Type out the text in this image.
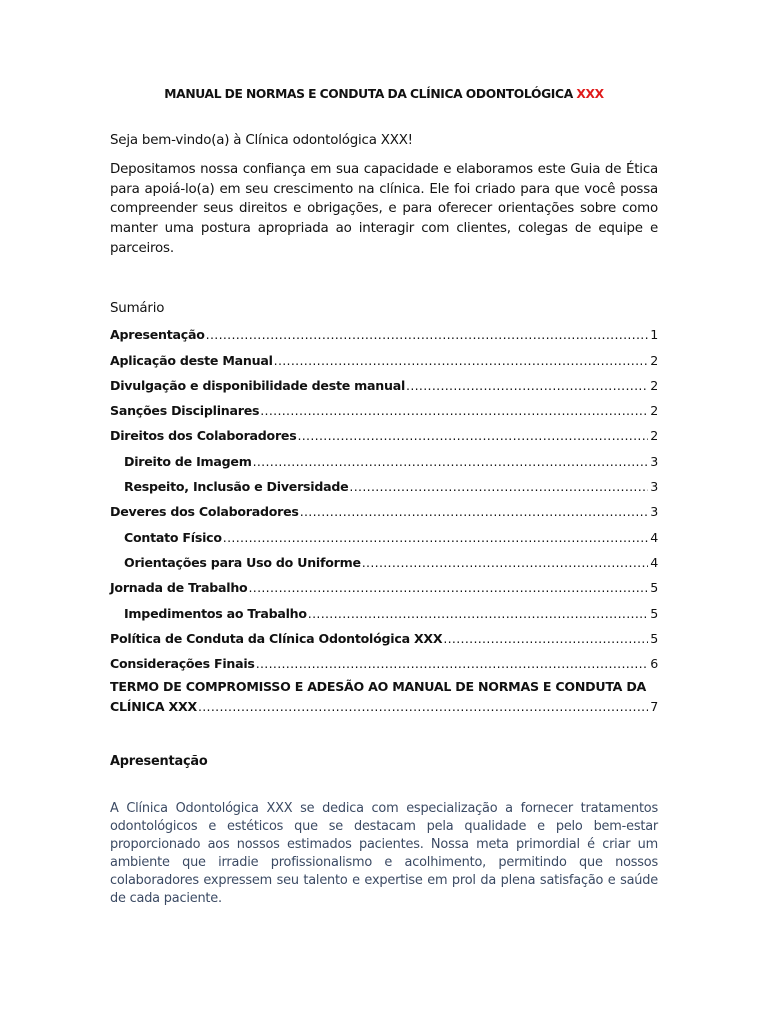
MANUAL DE NORMAS E CONDUTA DA CLÍNICA ODONTOLÓGICA XXX
Seja bem-vindo(a) à Clínica odontológica XXX!

Depositamos nossa confiança em sua capacidade e elaboramos este Guia de Ética para apoiá-lo(a) em seu crescimento na clínica. Ele foi criado para que você possa compreender seus direitos e obrigações, e para oferecer orientações sobre como manter uma postura apropriada ao interagir com clientes, colegas de equipe e parceiros.

Sumário
Apresentação .....	1
Aplicação deste Manual .....	2
Divulgação e disponibilidade deste manual .....	2
Sanções Disciplinares .....	2
Direitos dos Colaboradores .....	2
Direito de Imagem .....	3
Respeito, Inclusão e Diversidade .....	3
Deveres dos Colaboradores .....	3
Contato Físico .....	4
Orientações para Uso do Uniforme .....	4
Jornada de Trabalho .....	5
Impedimentos ao Trabalho .....	5
Política de Conduta da Clínica Odontológica XXX .....	5
Considerações Finais .....	6
TERMO DE COMPROMISSO E ADESÃO AO MANUAL DE NORMAS E CONDUTA DA
CLÍNICA XXX .....	7
Apresentação

A Clínica Odontológica XXX se dedica com especialização a fornecer tratamentos odontológicos e estéticos que se destacam pela qualidade e pelo bem-estar proporcionado aos nossos estimados pacientes. Nossa meta primordial é criar um ambiente que irradie profissionalismo e acolhimento, permitindo que nossos colaboradores expressem seu talento e expertise em prol da plena satisfação e saúde de cada paciente.
